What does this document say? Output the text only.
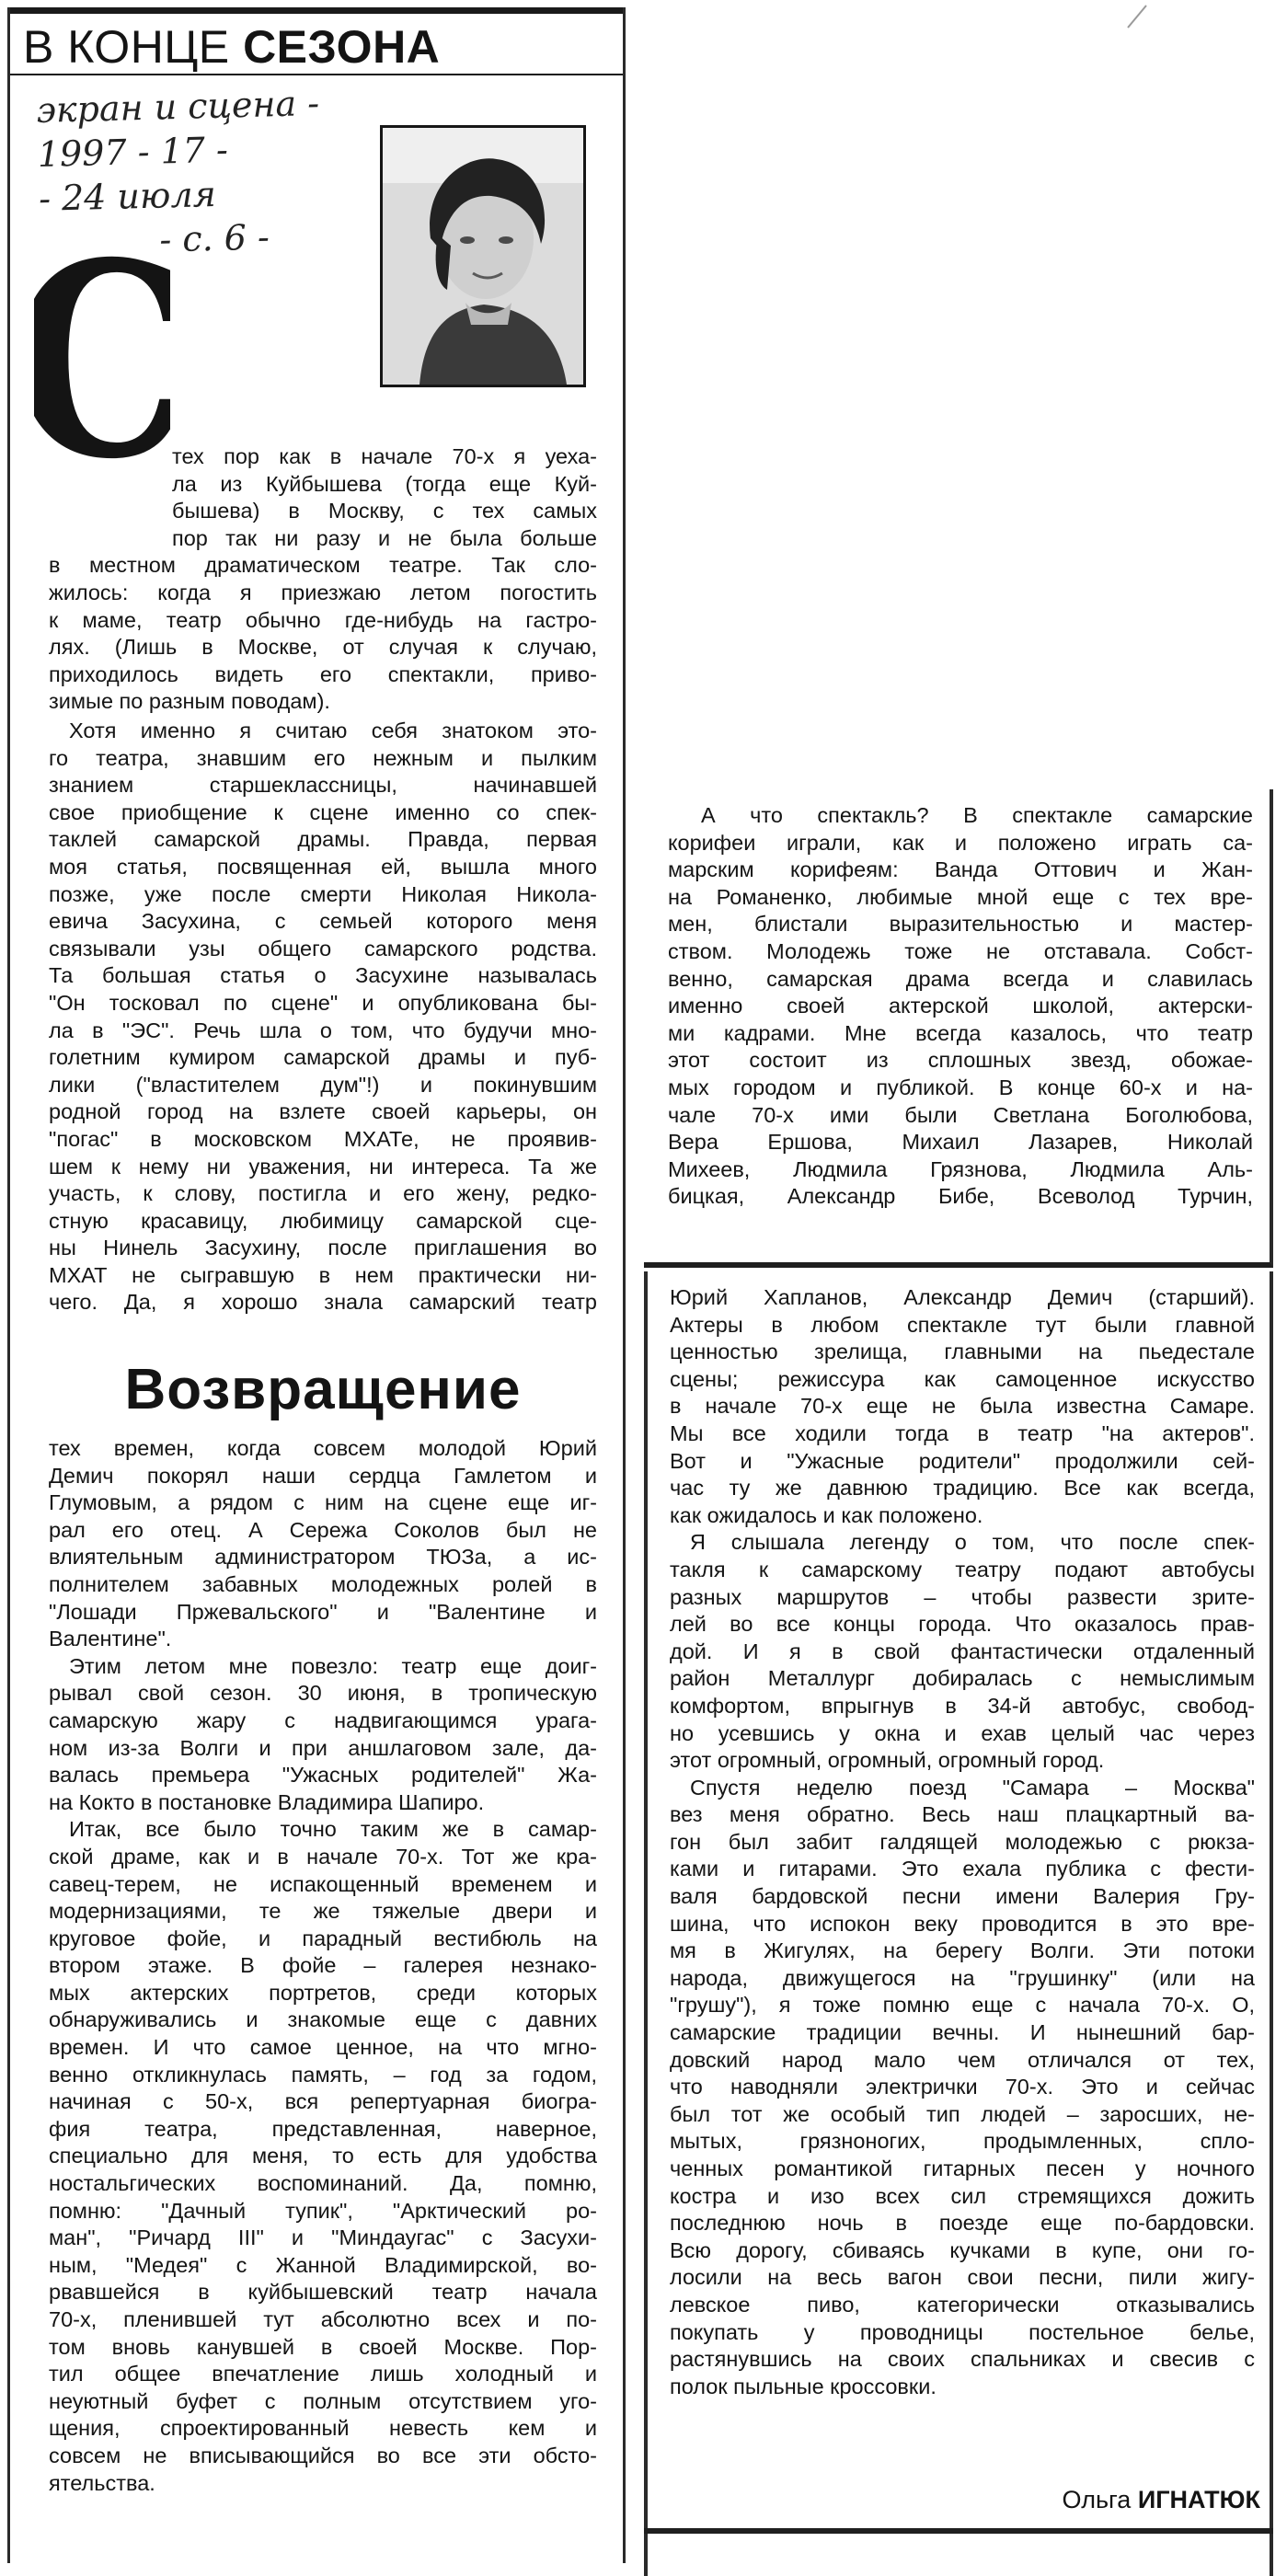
В КОНЦЕ СЕЗОНА
экран и сцена -
1997 - 17 -
- 24 июля
- с. 6 -
тех пор как в начале 70-х я уеха-
ла из Куйбышева (тогда еще Куй-
бышева) в Москву, с тех самых
пор так ни разу и не была больше
в местном драматическом театре. Так сло-
жилось: когда я приезжаю летом погостить
к маме, театр обычно где-нибудь на гастро-
лях. (Лишь в Москве, от случая к случаю,
приходилось видеть его спектакли, приво-
зимые по разным поводам).
Хотя именно я считаю себя знатоком это-
го театра, знавшим его нежным и пылким
знанием старшеклассницы, начинавшей
свое приобщение к сцене именно со спек-
таклей самарской драмы. Правда, первая
моя статья, посвященная ей, вышла много
позже, уже после смерти Николая Никола-
евича Засухина, с семьей которого меня
связывали узы общего самарского родства.
Та большая статья о Засухине называлась
"Он тосковал по сцене" и опубликована бы-
ла в "ЭС". Речь шла о том, что будучи мно-
голетним кумиром самарской драмы и пуб-
лики ("властителем дум"!) и покинувшим
родной город на взлете своей карьеры, он
"погас" в московском МХАТе, не проявив-
шем к нему ни уважения, ни интереса. Та же
участь, к слову, постигла и его жену, редко-
стную красавицу, любимицу самарской сце-
ны Нинель Засухину, после приглашения во
МХАТ не сыгравшую в нем практически ни-
чего. Да, я хорошо знала самарский театр
Возвращение
тех времен, когда совсем молодой Юрий
Демич покорял наши сердца Гамлетом и
Глумовым, а рядом с ним на сцене еще иг-
рал его отец. А Сережа Соколов был не
влиятельным администратором ТЮЗа, а ис-
полнителем забавных молодежных ролей в
"Лошади Пржевальского" и "Валентине и
Валентине".
Этим летом мне повезло: театр еще доиг-
рывал свой сезон. 30 июня, в тропическую
самарскую жару с надвигающимся урага-
ном из-за Волги и при аншлаговом зале, да-
валась премьера "Ужасных родителей" Жа-
на Кокто в постановке Владимира Шапиро.
Итак, все было точно таким же в самар-
ской драме, как и в начале 70-х. Тот же кра-
савец-терем, не испакощенный временем и
модернизациями, те же тяжелые двери и
круговое фойе, и парадный вестибюль на
втором этаже. В фойе – галерея незнако-
мых актерских портретов, среди которых
обнаруживались и знакомые еще с давних
времен. И что самое ценное, на что мгно-
венно откликнулась память, – год за годом,
начиная с 50-х, вся репертуарная биогра-
фия театра, представленная, наверное,
специально для меня, то есть для удобства
ностальгических воспоминаний. Да, помню,
помню: "Дачный тупик", "Арктический ро-
ман", "Ричард III" и "Миндаугас" с Засухи-
ным, "Медея" с Жанной Владимирской, во-
рвавшейся в куйбышевский театр начала
70-х, пленившей тут абсолютно всех и по-
том вновь канувшей в своей Москве. Пор-
тил общее впечатление лишь холодный и
неуютный буфет с полным отсутствием уго-
щения, спроектированный невесть кем и
совсем не вписывающийся во все эти обсто-
ятельства.
А что спектакль? В спектакле самарские
корифеи играли, как и положено играть са-
марским корифеям: Ванда Оттович и Жан-
на Романенко, любимые мной еще с тех вре-
мен, блистали выразительностью и мастер-
ством. Молодежь тоже не отставала. Собст-
венно, самарская драма всегда и славилась
именно своей актерской школой, актерски-
ми кадрами. Мне всегда казалось, что театр
этот состоит из сплошных звезд, обожае-
мых городом и публикой. В конце 60-х и на-
чале 70-х ими были Светлана Боголюбова,
Вера Ершова, Михаил Лазарев, Николай
Михеев, Людмила Грязнова, Людмила Аль-
бицкая, Александр Бибе, Всеволод Турчин,
Юрий Хапланов, Александр Демич (старший).
Актеры в любом спектакле тут были главной
ценностью зрелища, главными на пьедестале
сцены; режиссура как самоценное искусство
в начале 70-х еще не была известна Самаре.
Мы все ходили тогда в театр "на актеров".
Вот и "Ужасные родители" продолжили сей-
час ту же давнюю традицию. Все как всегда,
как ожидалось и как положено.
Я слышала легенду о том, что после спек-
такля к самарскому театру подают автобусы
разных маршрутов – чтобы развести зрите-
лей во все концы города. Что оказалось прав-
дой. И я в свой фантастически отдаленный
район Металлург добиралась с немыслимым
комфортом, впрыгнув в 34-й автобус, свобод-
но усевшись у окна и ехав целый час через
этот огромный, огромный, огромный город.
Спустя неделю поезд "Самара – Москва"
вез меня обратно. Весь наш плацкартный ва-
гон был забит галдящей молодежью с рюкза-
ками и гитарами. Это ехала публика с фести-
валя бардовской песни имени Валерия Гру-
шина, что испокон веку проводится в это вре-
мя в Жигулях, на берегу Волги. Эти потоки
народа, движущегося на "грушинку" (или на
"грушу"), я тоже помню еще с начала 70-х. О,
самарские традиции вечны. И нынешний бар-
довский народ мало чем отличался от тех,
что наводняли электрички 70-х. Это и сейчас
был тот же особый тип людей – заросших, не-
мытых, грязноногих, продымленных, спло-
ченных романтикой гитарных песен у ночного
костра и изо всех сил стремящихся дожить
последнюю ночь в поезде еще по-бардовски.
Всю дорогу, сбиваясь кучками в купе, они го-
лосили на весь вагон свои песни, пили жигу-
левское пиво, категорически отказывались
покупать у проводницы постельное белье,
растянувшись на своих спальниках и свесив с
полок пыльные кроссовки.
Ольга ИГНАТЮК
